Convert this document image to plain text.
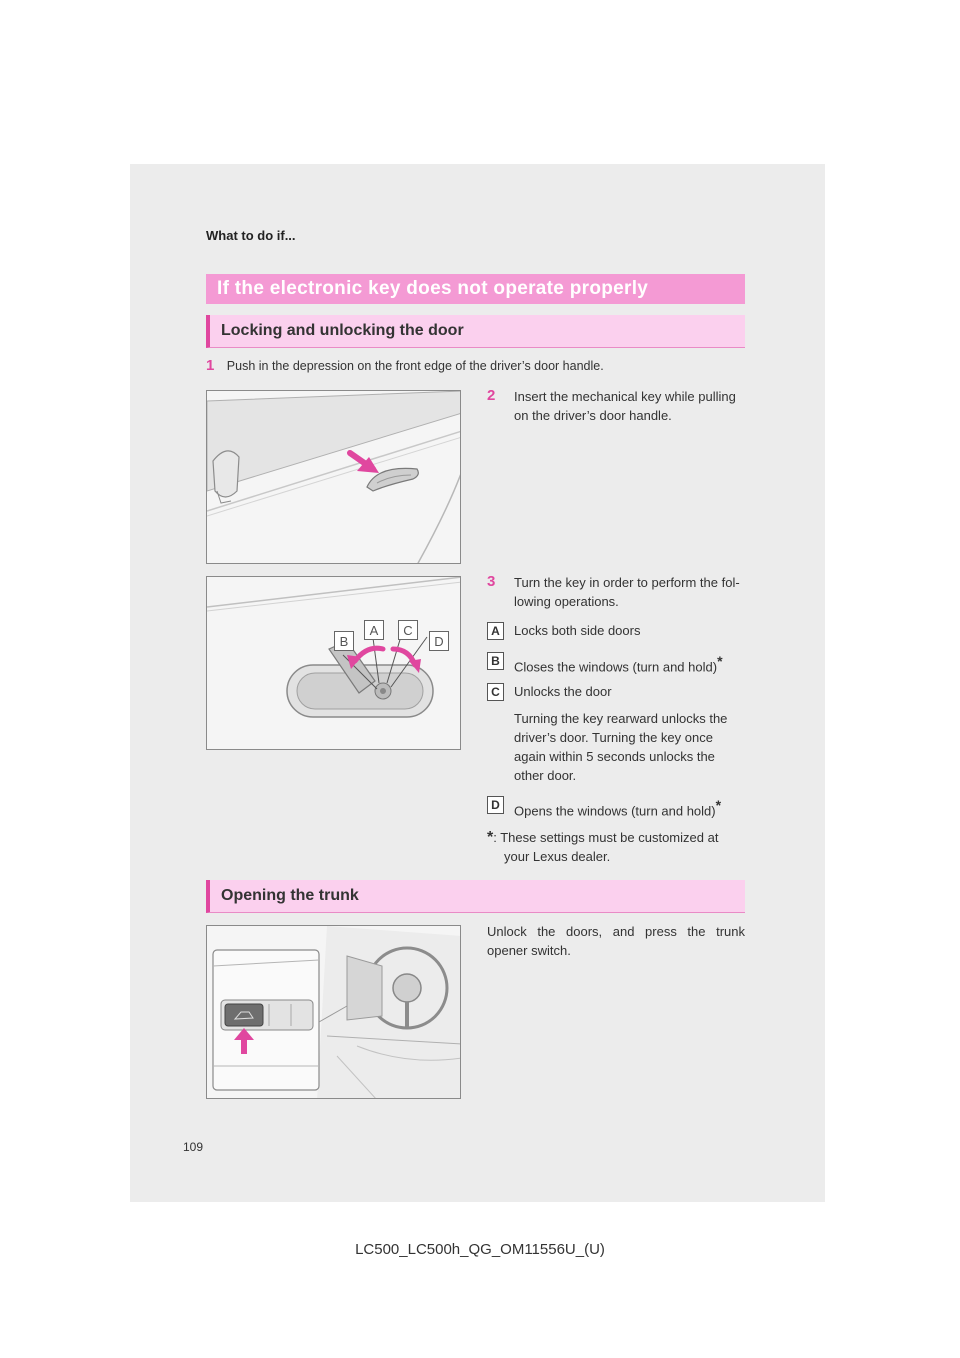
What to do if...
If the electronic key does not operate properly
Locking and unlocking the door
1 Push in the depression on the front edge of the driver’s door handle.
2	Insert the mechanical key while pulling
on the driver’s door handle.
B
A	C
D
3 Turn the key in order to perform the fol-
lowing operations.
A	Locks both side doors
B	Closes the windows (turn and hold)*
C	Unlocks the door
Turning the key rearward unlocks the
driver’s door. Turning the key once
again within 5 seconds unlocks the
other door.
D	Opens the windows (turn and hold)*
*: These settings must be customized at
your Lexus dealer.
Opening the trunk
Unlock the doors, and press the trunk
opener switch.
109
LC500_LC500h_QG_OM11556U_(U)
